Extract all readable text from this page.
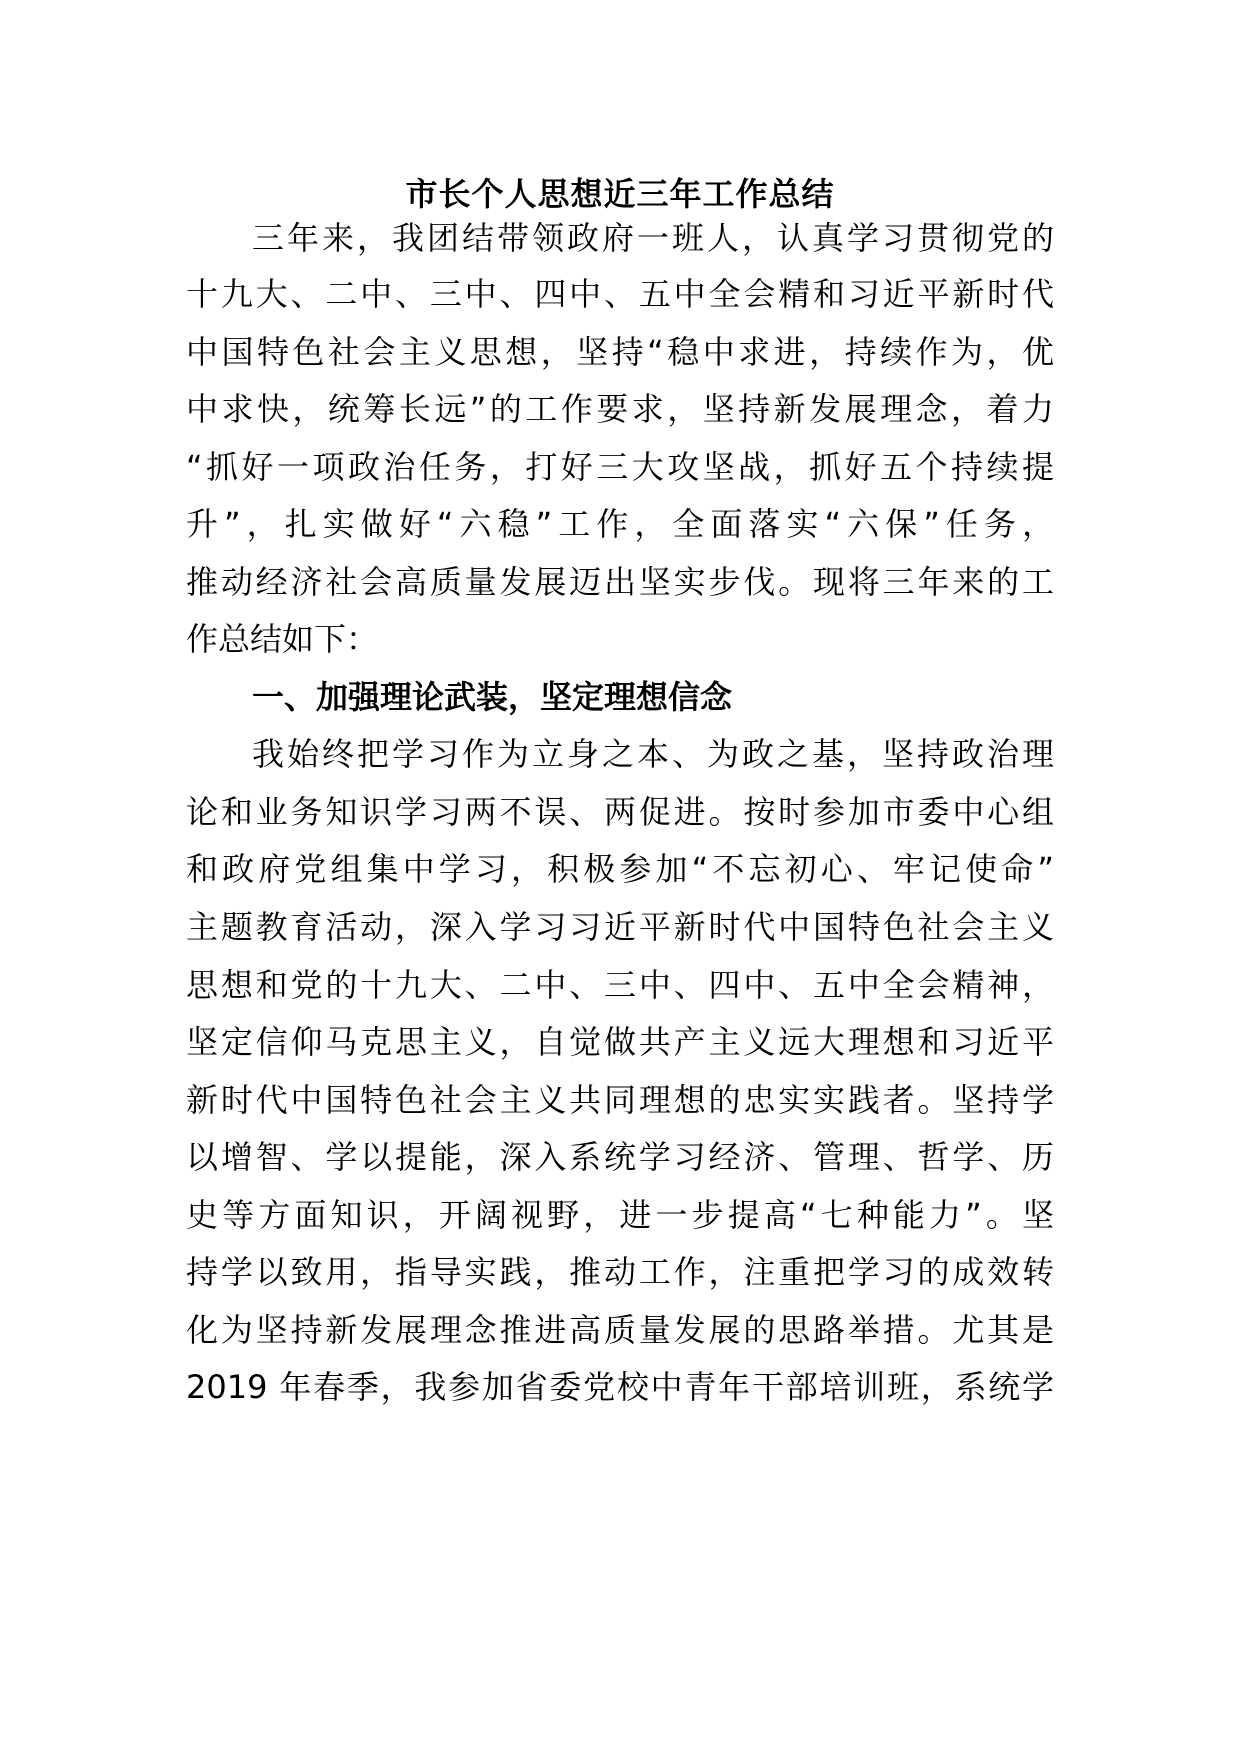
市长个人思想近三年工作总结
三年来，我团结带领政府一班人，认真学习贯彻党的
十九大、二中、三中、四中、五中全会精和习近平新时代
中国特色社会主义思想，坚持“稳中求进，持续作为，优
中求快，统筹长远”的工作要求，坚持新发展理念，着力
“抓好一项政治任务，打好三大攻坚战，抓好五个持续提
升”，扎实做好“六稳”工作，全面落实“六保”任务，
推动经济社会高质量发展迈出坚实步伐。现将三年来的工
作总结如下：
一、加强理论武装，坚定理想信念
我始终把学习作为立身之本、为政之基，坚持政治理
论和业务知识学习两不误、两促进。按时参加市委中心组
和政府党组集中学习，积极参加“不忘初心、牢记使命”
主题教育活动，深入学习习近平新时代中国特色社会主义
思想和党的十九大、二中、三中、四中、五中全会精神，
坚定信仰马克思主义，自觉做共产主义远大理想和习近平
新时代中国特色社会主义共同理想的忠实实践者。坚持学
以增智、学以提能，深入系统学习经济、管理、哲学、历
史等方面知识，开阔视野，进一步提高“七种能力”。坚
持学以致用，指导实践，推动工作，注重把学习的成效转
化为坚持新发展理念推进高质量发展的思路举措。尤其是
2019 年春季，我参加省委党校中青年干部培训班，系统学
